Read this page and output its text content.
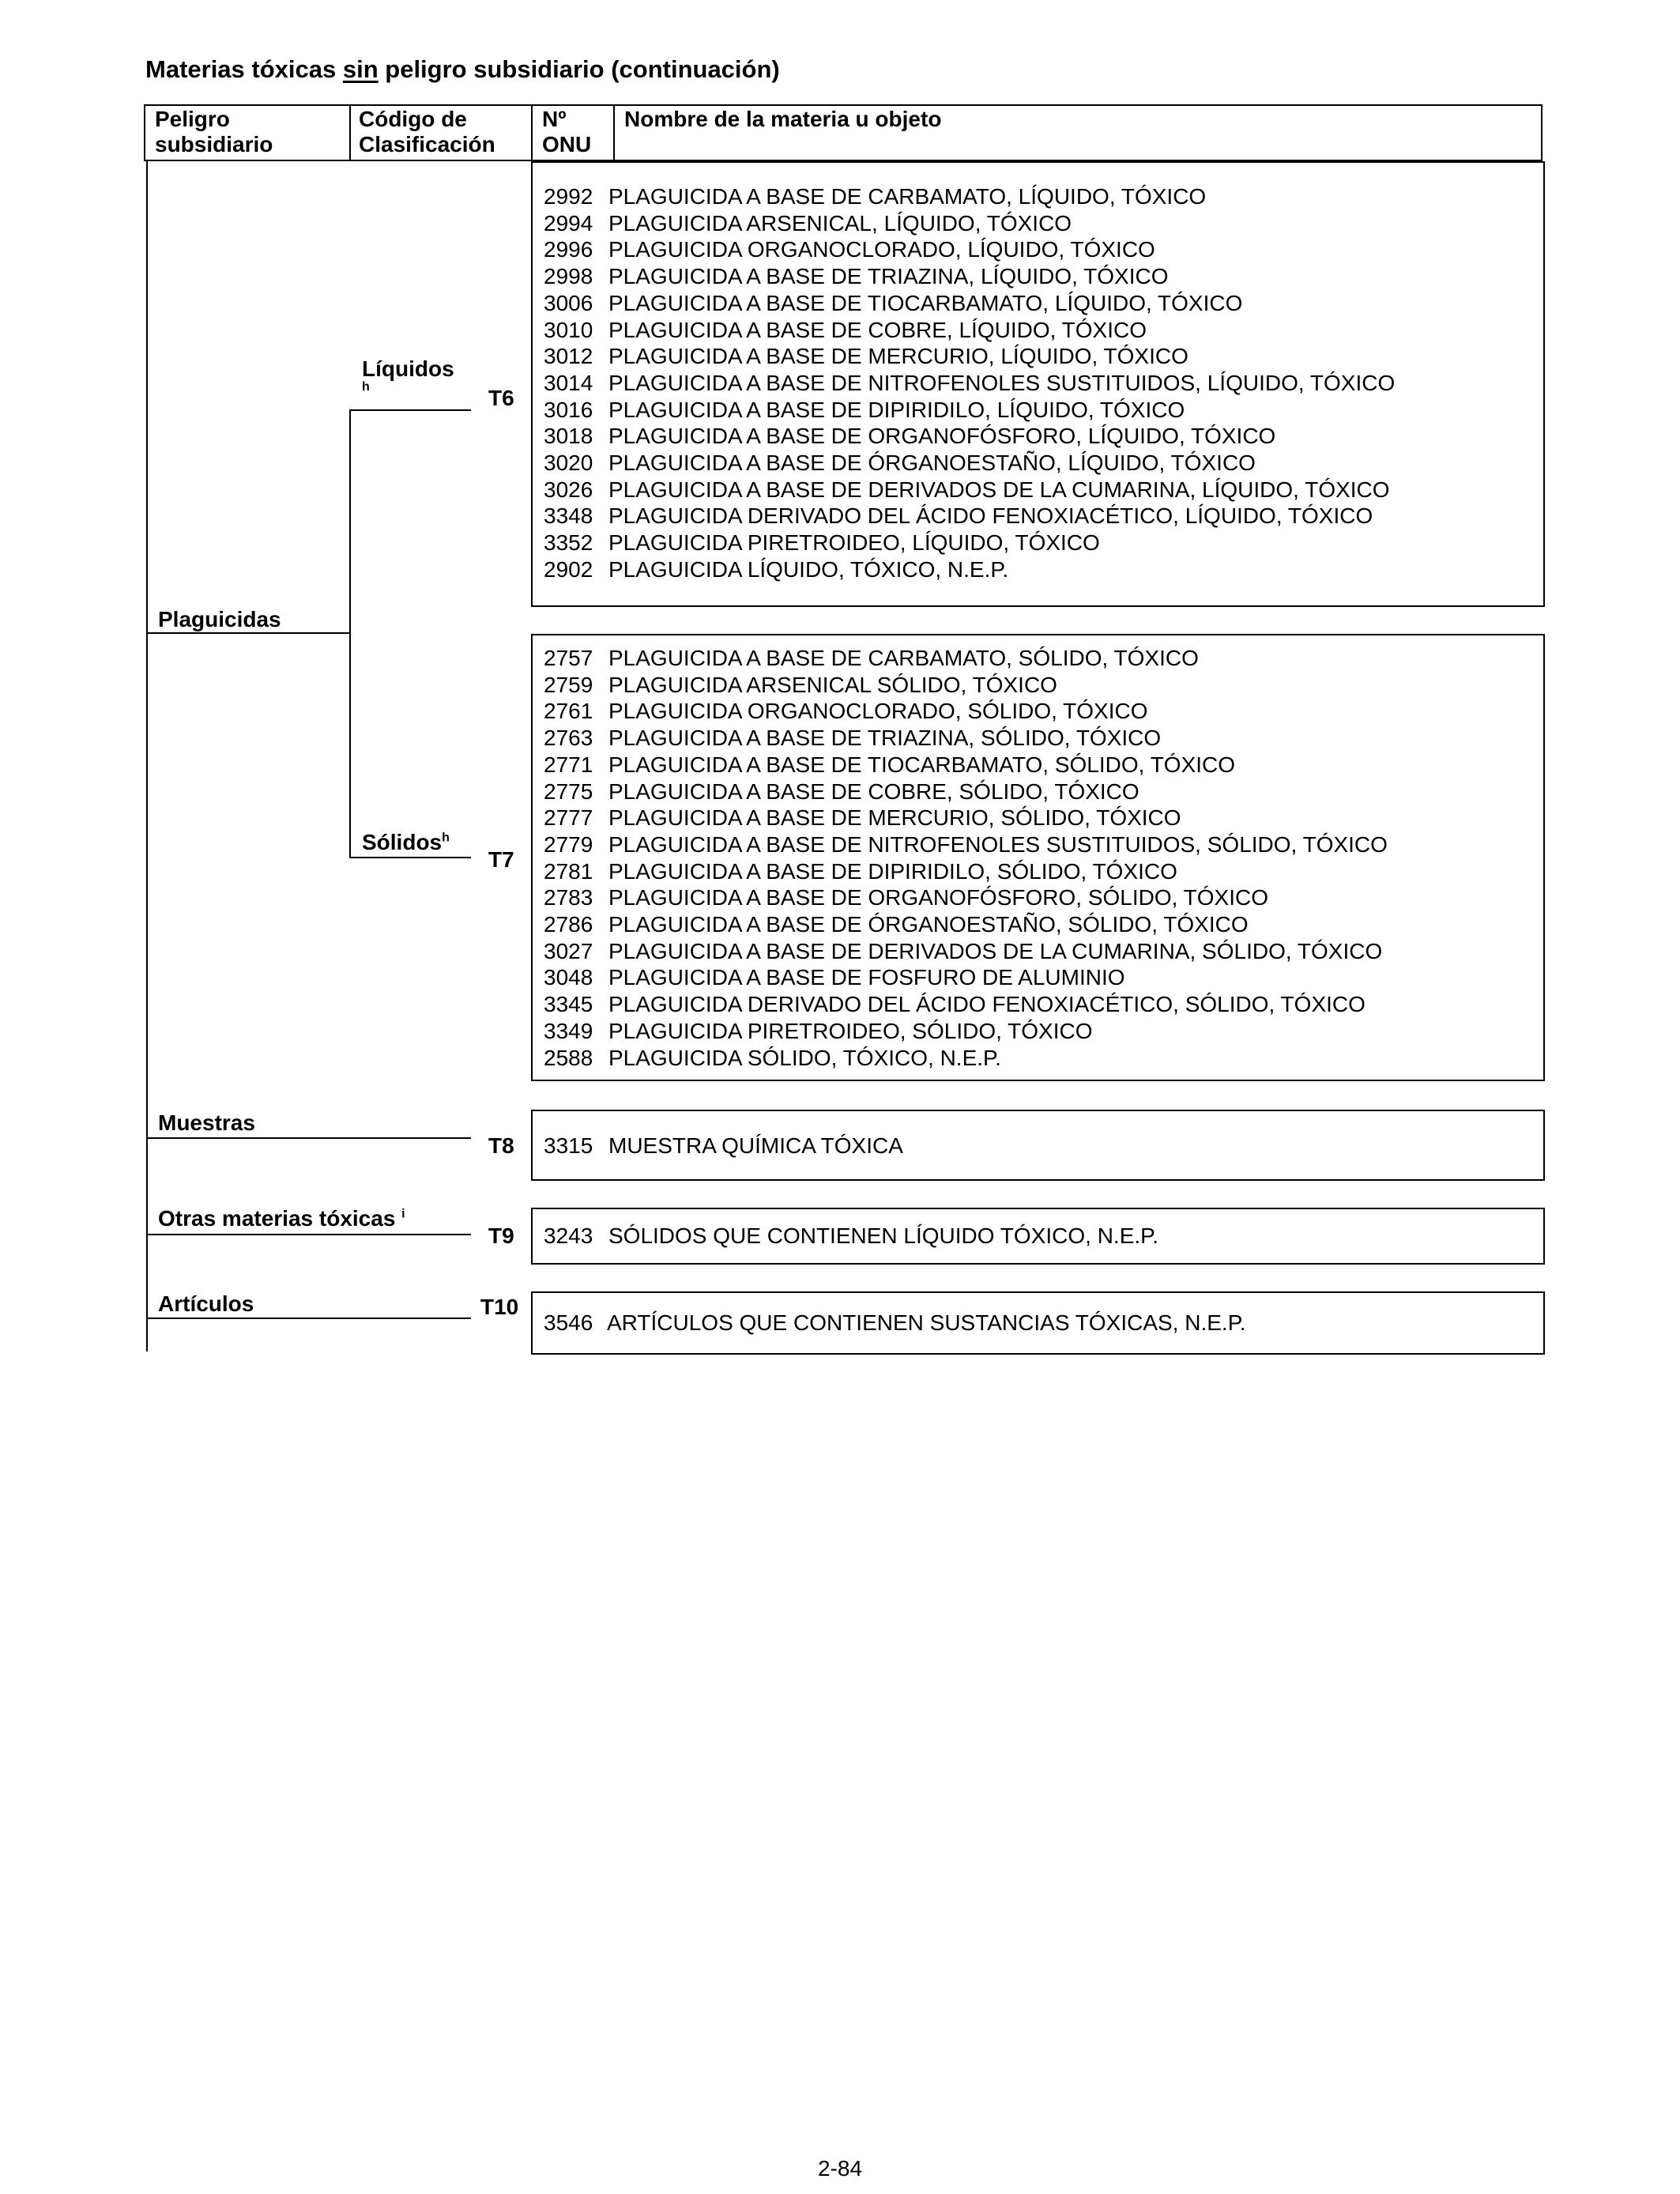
Materias tóxicas sin peligro subsidiario (continuación)
Peligro
subsidiario
Código de
Clasificación
Nº
ONU
Nombre de la materia u objeto
Plaguicidas
Líquidos
h
Sólidos$^h$
Muestras
Otras materias tóxicas $^i$
Artículos
T6
T7
T8
T9
T10
2992 PLAGUICIDA A BASE DE CARBAMATO, LÍQUIDO, TÓXICO
2994 PLAGUICIDA ARSENICAL, LÍQUIDO, TÓXICO
2996 PLAGUICIDA ORGANOCLORADO, LÍQUIDO, TÓXICO
2998 PLAGUICIDA A BASE DE TRIAZINA, LÍQUIDO, TÓXICO
3006 PLAGUICIDA A BASE DE TIOCARBAMATO, LÍQUIDO, TÓXICO
3010 PLAGUICIDA A BASE DE COBRE, LÍQUIDO, TÓXICO
3012 PLAGUICIDA A BASE DE MERCURIO, LÍQUIDO, TÓXICO
3014 PLAGUICIDA A BASE DE NITROFENOLES SUSTITUIDOS, LÍQUIDO, TÓXICO
3016 PLAGUICIDA A BASE DE DIPIRIDILO, LÍQUIDO, TÓXICO
3018 PLAGUICIDA A BASE DE ORGANOFÓSFORO, LÍQUIDO, TÓXICO
3020 PLAGUICIDA A BASE DE ÓRGANOESTAÑO, LÍQUIDO, TÓXICO
3026 PLAGUICIDA A BASE DE DERIVADOS DE LA CUMARINA, LÍQUIDO, TÓXICO
3348 PLAGUICIDA DERIVADO DEL ÁCIDO FENOXIACÉTICO, LÍQUIDO, TÓXICO
3352 PLAGUICIDA PIRETROIDEO, LÍQUIDO, TÓXICO
2902 PLAGUICIDA LÍQUIDO, TÓXICO, N.E.P.
2757 PLAGUICIDA A BASE DE CARBAMATO, SÓLIDO, TÓXICO
2759 PLAGUICIDA ARSENICAL SÓLIDO, TÓXICO
2761 PLAGUICIDA ORGANOCLORADO, SÓLIDO, TÓXICO
2763 PLAGUICIDA A BASE DE TRIAZINA, SÓLIDO, TÓXICO
2771 PLAGUICIDA A BASE DE TIOCARBAMATO, SÓLIDO, TÓXICO
2775 PLAGUICIDA A BASE DE COBRE, SÓLIDO, TÓXICO
2777 PLAGUICIDA A BASE DE MERCURIO, SÓLIDO, TÓXICO
2779 PLAGUICIDA A BASE DE NITROFENOLES SUSTITUIDOS, SÓLIDO, TÓXICO
2781 PLAGUICIDA A BASE DE DIPIRIDILO, SÓLIDO, TÓXICO
2783 PLAGUICIDA A BASE DE ORGANOFÓSFORO, SÓLIDO, TÓXICO
2786 PLAGUICIDA A BASE DE ÓRGANOESTAÑO, SÓLIDO, TÓXICO
3027 PLAGUICIDA A BASE DE DERIVADOS DE LA CUMARINA, SÓLIDO, TÓXICO
3048 PLAGUICIDA A BASE DE FOSFURO DE ALUMINIO
3345 PLAGUICIDA DERIVADO DEL ÁCIDO FENOXIACÉTICO, SÓLIDO, TÓXICO
3349 PLAGUICIDA PIRETROIDEO, SÓLIDO, TÓXICO
2588 PLAGUICIDA SÓLIDO, TÓXICO, N.E.P.
3315 MUESTRA QUÍMICA TÓXICA
3243 SÓLIDOS QUE CONTIENEN LÍQUIDO TÓXICO, N.E.P.
3546 ARTÍCULOS QUE CONTIENEN SUSTANCIAS TÓXICAS, N.E.P.
2-84
